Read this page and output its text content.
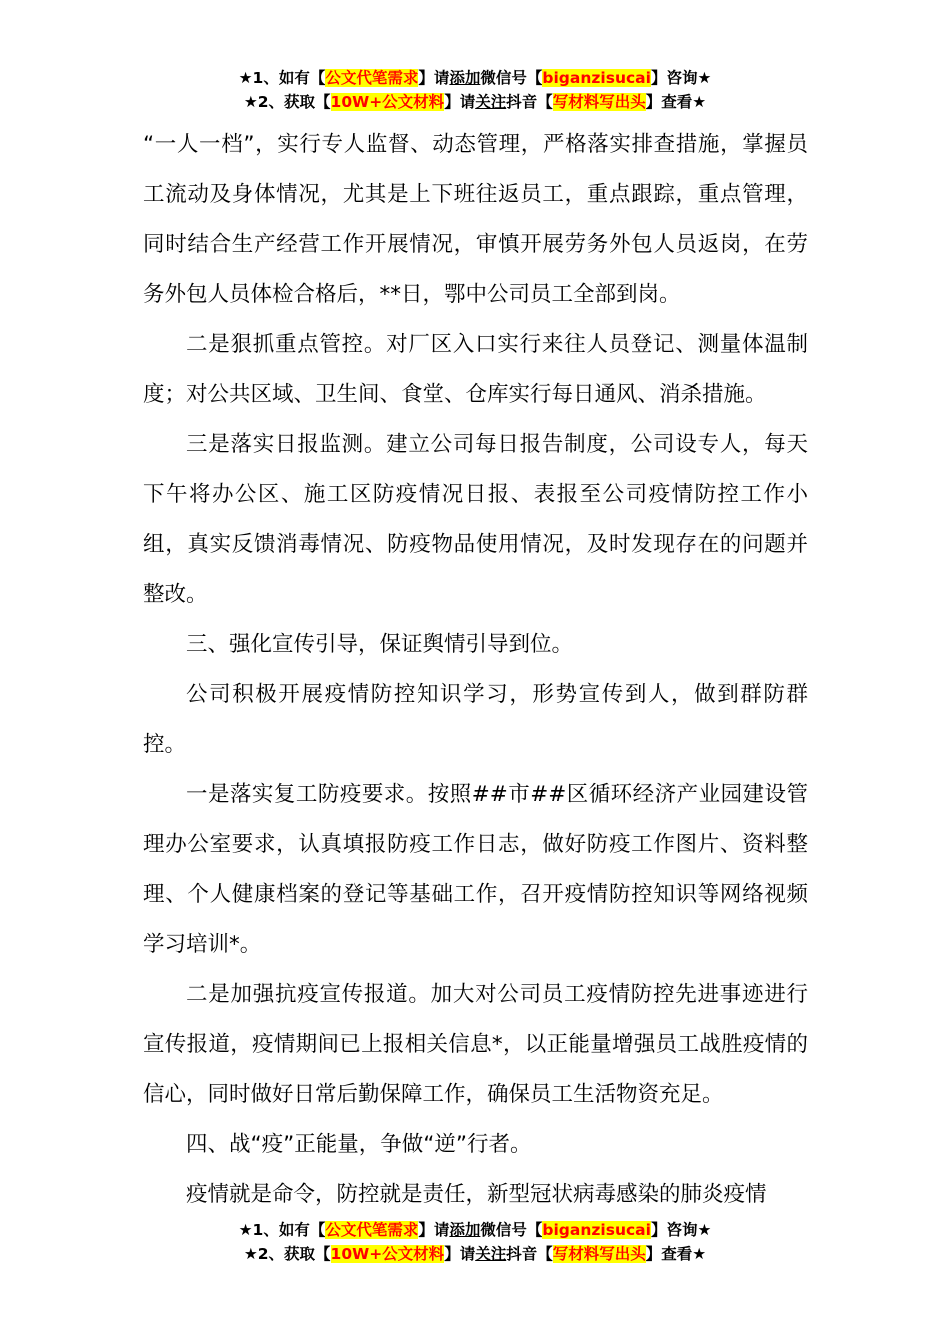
★1、如有【公文代笔需求】请添加微信号【biganzisucai】咨询★
★2、获取【10W+公文材料】请关注抖音【写材料写出头】查看★

“一人一档”，实行专人监督、动态管理，严格落实排查措施，掌握员工流动及身体情况，尤其是上下班往返员工，重点跟踪，重点管理，同时结合生产经营工作开展情况，审慎开展劳务外包人员返岗，在劳务外包人员体检合格后，**日，鄂中公司员工全部到岗。

二是狠抓重点管控。对厂区入口实行来往人员登记、测量体温制度；对公共区域、卫生间、食堂、仓库实行每日通风、消杀措施。

三是落实日报监测。建立公司每日报告制度，公司设专人，每天下午将办公区、施工区防疫情况日报、表报至公司疫情防控工作小组，真实反馈消毒情况、防疫物品使用情况，及时发现存在的问题并整改。

三、强化宣传引导，保证舆情引导到位。

公司积极开展疫情防控知识学习，形势宣传到人，做到群防群控。

一是落实复工防疫要求。按照##市##区循环经济产业园建设管理办公室要求，认真填报防疫工作日志，做好防疫工作图片、资料整理、个人健康档案的登记等基础工作，召开疫情防控知识等网络视频学习培训*。

二是加强抗疫宣传报道。加大对公司员工疫情防控先进事迹进行宣传报道，疫情期间已上报相关信息*，以正能量增强员工战胜疫情的信心，同时做好日常后勤保障工作，确保员工生活物资充足。

四、战“疫”正能量，争做“逆”行者。

疫情就是命令，防控就是责任，新型冠状病毒感染的肺炎疫情

★1、如有【公文代笔需求】请添加微信号【biganzisucai】咨询★
★2、获取【10W+公文材料】请关注抖音【写材料写出头】查看★
